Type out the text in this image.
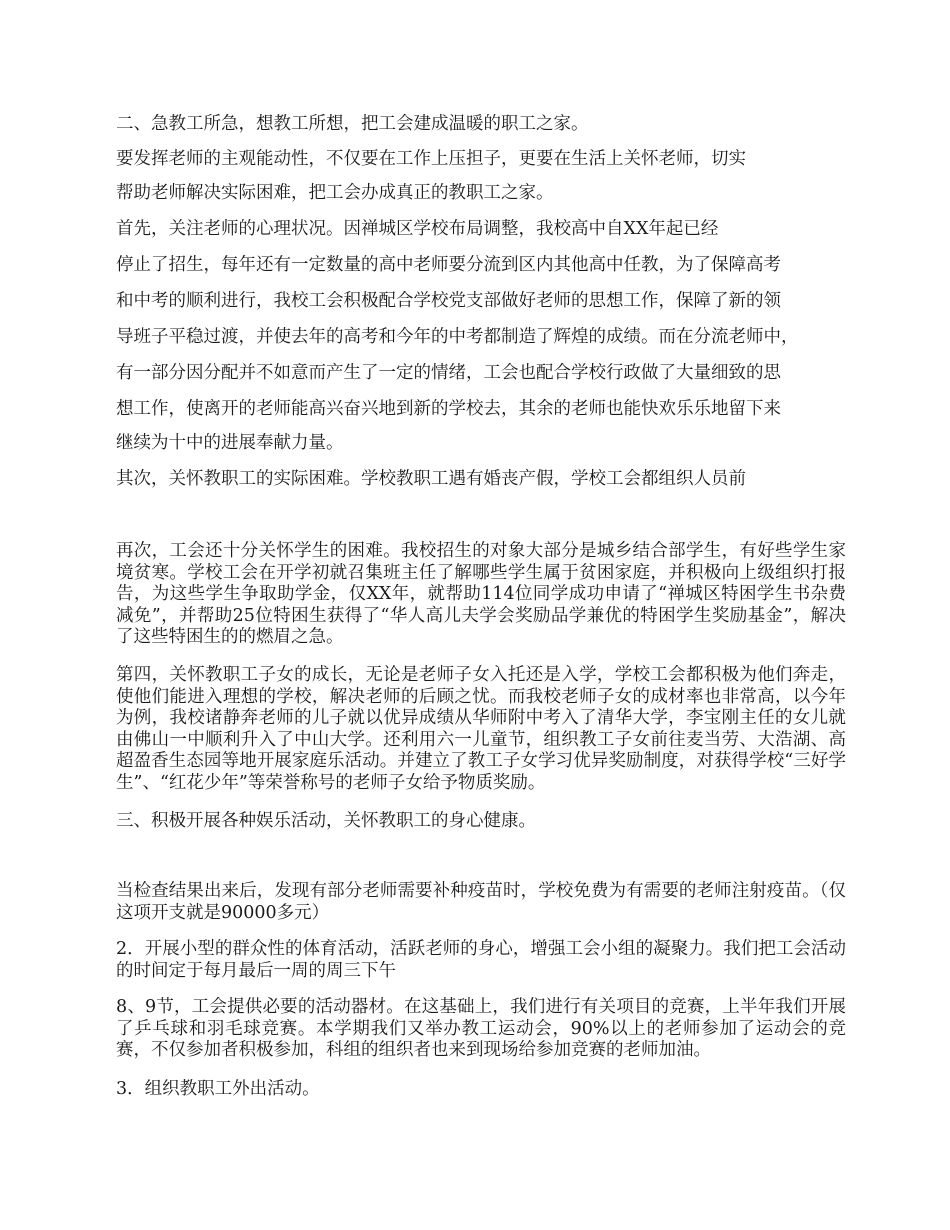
二、急教工所急，想教工所想，把工会建成温暖的职工之家。

要发挥老师的主观能动性，不仅要在工作上压担子，更要在生活上关怀老师，切实

帮助老师解决实际困难，把工会办成真正的教职工之家。

首先，关注老师的心理状况。因禅城区学校布局调整，我校高中自XX年起已经

停止了招生，每年还有一定数量的高中老师要分流到区内其他高中任教，为了保障高考

和中考的顺利进行，我校工会积极配合学校党支部做好老师的思想工作，保障了新的领

导班子平稳过渡，并使去年的高考和今年的中考都制造了辉煌的成绩。而在分流老师中，

有一部分因分配并不如意而产生了一定的情绪，工会也配合学校行政做了大量细致的思

想工作，使离开的老师能高兴奋兴地到新的学校去，其余的老师也能快欢乐乐地留下来

继续为十中的进展奉献力量。

其次，关怀教职工的实际困难。学校教职工遇有婚丧产假，学校工会都组织人员前

再次，工会还十分关怀学生的困难。我校招生的对象大部分是城乡结合部学生，有好些学生家境贫寒。学校工会在开学初就召集班主任了解哪些学生属于贫困家庭，并积极向上级组织打报告，为这些学生争取助学金，仅XX年，就帮助114位同学成功申请了“禅城区特困学生书杂费减免”，并帮助25位特困生获得了“华人高儿夫学会奖励品学兼优的特困学生奖励基金”，解决了这些特困生的的燃眉之急。

第四，关怀教职工子女的成长，无论是老师子女入托还是入学，学校工会都积极为他们奔走，使他们能进入理想的学校，解决老师的后顾之忧。而我校老师子女的成材率也非常高，以今年为例，我校诸静奔老师的儿子就以优异成绩从华师附中考入了清华大学，李宝刚主任的女儿就由佛山一中顺利升入了中山大学。还利用六一儿童节，组织教工子女前往麦当劳、大浩湖、高超盈香生态园等地开展家庭乐活动。并建立了教工子女学习优异奖励制度，对获得学校“三好学生”、“红花少年”等荣誉称号的老师子女给予物质奖励。

三、积极开展各种娱乐活动，关怀教职工的身心健康。

当检查结果出来后，发现有部分老师需要补种疫苗时，学校免费为有需要的老师注射疫苗。（仅这项开支就是90000多元）

2．开展小型的群众性的体育活动，活跃老师的身心，增强工会小组的凝聚力。我们把工会活动的时间定于每月最后一周的周三下午

8、9节，工会提供必要的活动器材。在这基础上，我们进行有关项目的竞赛，上半年我们开展了乒乓球和羽毛球竞赛。本学期我们又举办教工运动会，90%以上的老师参加了运动会的竞赛，不仅参加者积极参加，科组的组织者也来到现场给参加竞赛的老师加油。

3．组织教职工外出活动。
